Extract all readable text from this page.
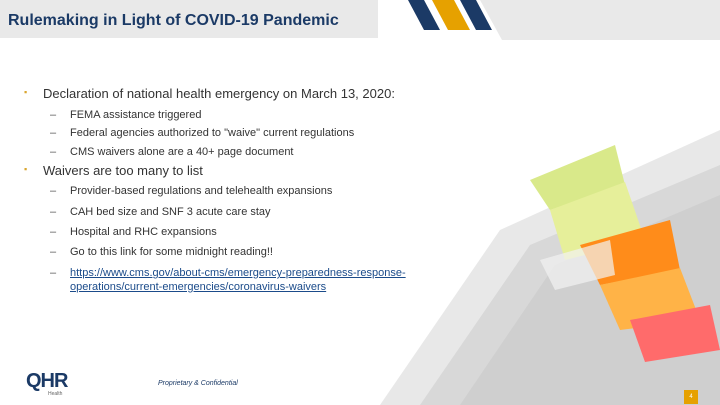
Rulemaking in Light of COVID-19 Pandemic
▪ Declaration of national health emergency on March 13, 2020:
– FEMA assistance triggered
– Federal agencies authorized to "waive" current regulations
– CMS waivers alone are a 40+ page document
▪ Waivers are too many to list
– Provider-based regulations and telehealth expansions
– CAH bed size and SNF 3 acute care stay
– Hospital and RHC expansions
– Go to this link for some midnight reading!!
– https://www.cms.gov/about-cms/emergency-preparedness-response-
operations/current-emergencies/coronavirus-waivers
QHR
Health
Proprietary & Confidential
4
